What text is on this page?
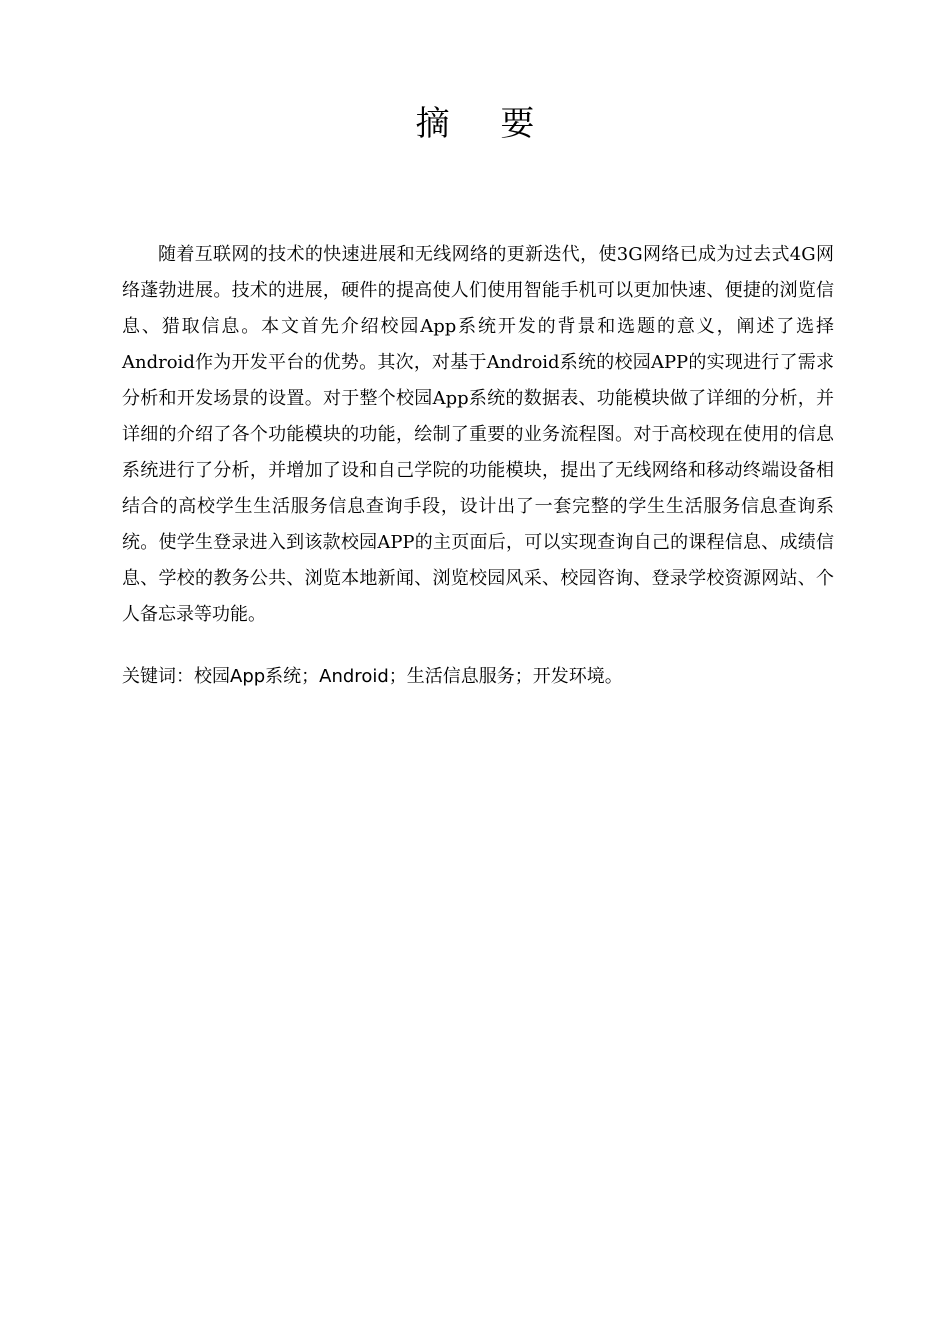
摘 要

随着互联网的技术的快速进展和无线网络的更新迭代，使3G网络已成为过去式4G网络蓬勃进展。技术的进展，硬件的提高使人们使用智能手机可以更加快速、便捷的浏览信息、猎取信息。本文首先介绍校园App系统开发的背景和选题的意义，阐述了选择Android作为开发平台的优势。其次，对基于Android系统的校园APP的实现进行了需求分析和开发场景的设置。对于整个校园App系统的数据表、功能模块做了详细的分析，并详细的介绍了各个功能模块的功能，绘制了重要的业务流程图。对于高校现在使用的信息系统进行了分析，并增加了设和自己学院的功能模块，提出了无线网络和移动终端设备相结合的高校学生生活服务信息查询手段，设计出了一套完整的学生生活服务信息查询系统。使学生登录进入到该款校园APP的主页面后，可以实现查询自己的课程信息、成绩信息、学校的教务公共、浏览本地新闻、浏览校园风采、校园咨询、登录学校资源网站、个人备忘录等功能。

关键词：校园App系统；Android；生活信息服务；开发环境。
